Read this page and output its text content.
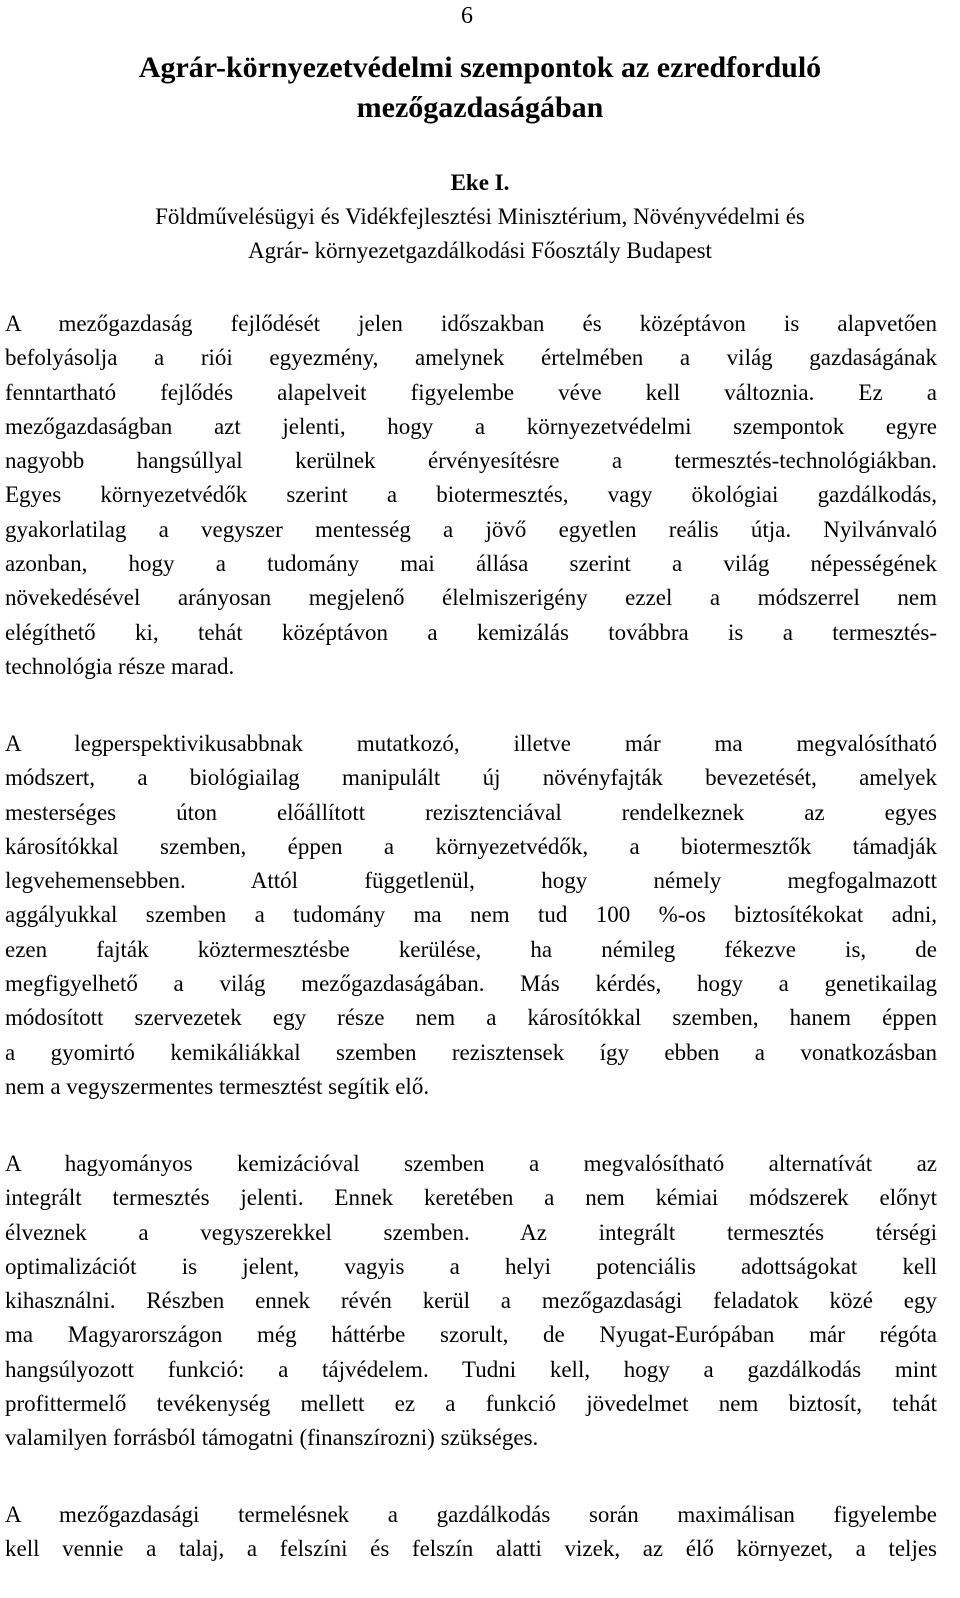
6
Agrár-környezetvédelmi szempontok az ezredforduló
mezőgazdaságában
Eke I.
Földművelésügyi és Vidékfejlesztési Minisztérium, Növényvédelmi és
Agrár- környezetgazdálkodási Főosztály Budapest
A mezőgazdaság fejlődését jelen időszakban és középtávon is alapvetően
befolyásolja a riói egyezmény, amelynek értelmében a világ gazdaságának
fenntartható fejlődés alapelveit figyelembe véve kell változnia. Ez a
mezőgazdaságban azt jelenti, hogy a környezetvédelmi szempontok egyre
nagyobb hangsúllyal kerülnek érvényesítésre a termesztés-technológiákban.
Egyes környezetvédők szerint a biotermesztés, vagy ökológiai gazdálkodás,
gyakorlatilag a vegyszer mentesség a jövő egyetlen reális útja. Nyilvánvaló
azonban, hogy a tudomány mai állása szerint a világ népességének
növekedésével arányosan megjelenő élelmiszerigény ezzel a módszerrel nem
elégíthető ki, tehát középtávon a kemizálás továbbra is a termesztés-
technológia része marad.
A legperspektivikusabbnak mutatkozó, illetve már ma megvalósítható
módszert, a biológiailag manipulált új növényfajták bevezetését, amelyek
mesterséges úton előállított rezisztenciával rendelkeznek az egyes
károsítókkal szemben, éppen a környezetvédők, a biotermesztők támadják
legvehemensebben. Attól függetlenül, hogy némely megfogalmazott
aggályukkal szemben a tudomány ma nem tud 100 %-os biztosítékokat adni,
ezen fajták köztermesztésbe kerülése, ha némileg fékezve is, de
megfigyelhető a világ mezőgazdaságában. Más kérdés, hogy a genetikailag
módosított szervezetek egy része nem a károsítókkal szemben, hanem éppen
a gyomirtó kemikáliákkal szemben rezisztensek így ebben a vonatkozásban
nem a vegyszermentes termesztést segítik elő.
A hagyományos kemizációval szemben a megvalósítható alternatívát az
integrált termesztés jelenti. Ennek keretében a nem kémiai módszerek előnyt
élveznek a vegyszerekkel szemben. Az integrált termesztés térségi
optimalizációt is jelent, vagyis a helyi potenciális adottságokat kell
kihasználni. Részben ennek révén kerül a mezőgazdasági feladatok közé egy
ma Magyarországon még háttérbe szorult, de Nyugat-Európában már régóta
hangsúlyozott funkció: a tájvédelem. Tudni kell, hogy a gazdálkodás mint
profittermelő tevékenység mellett ez a funkció jövedelmet nem biztosít, tehát
valamilyen forrásból támogatni (finanszírozni) szükséges.
A mezőgazdasági termelésnek a gazdálkodás során maximálisan figyelembe
kell vennie a talaj, a felszíni és felszín alatti vizek, az élő környezet, a teljes
